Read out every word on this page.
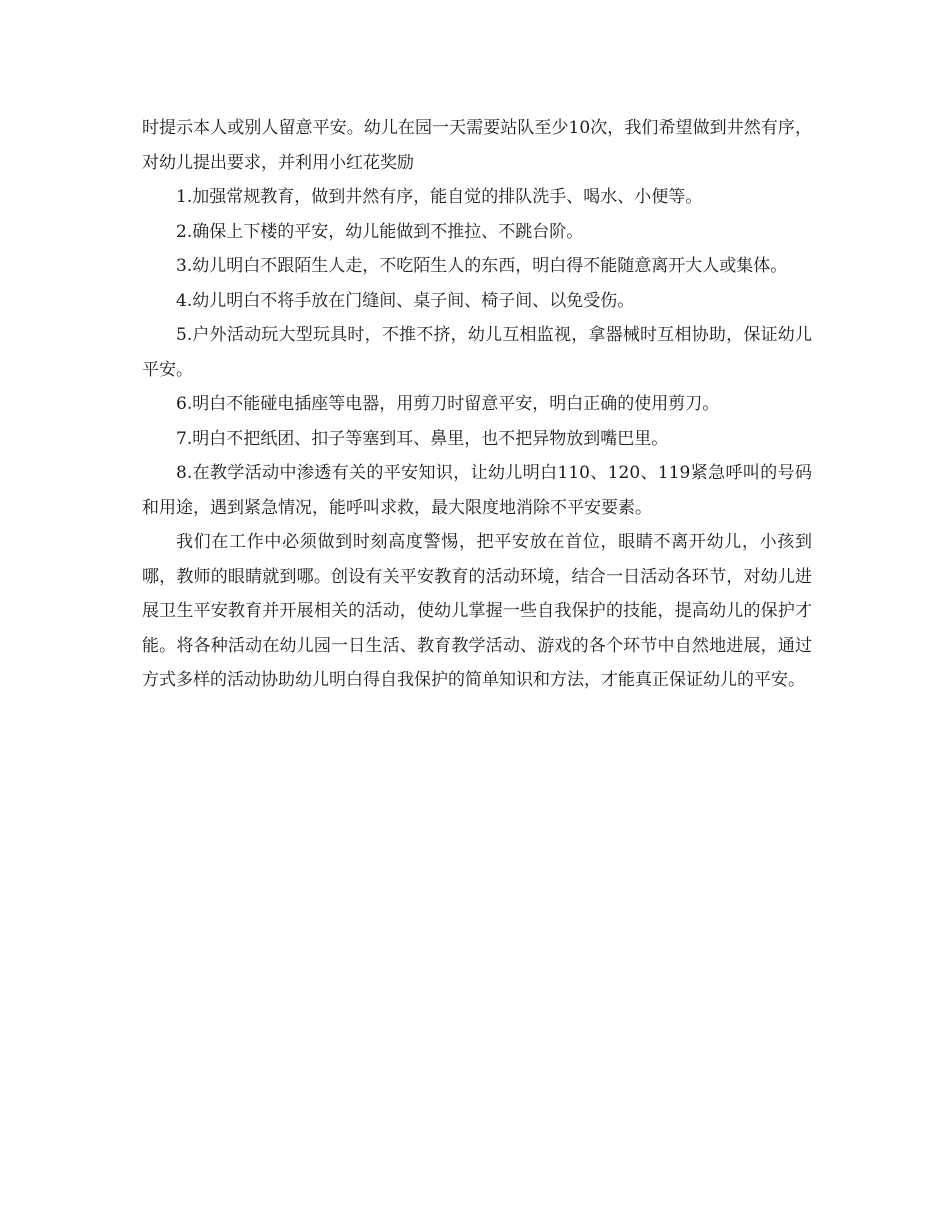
时提示本人或别人留意平安。幼儿在园一天需要站队至少10次，我们希望做到井然有序，对幼儿提出要求，并利用小红花奖励

1.加强常规教育，做到井然有序，能自觉的排队洗手、喝水、小便等。

2.确保上下楼的平安，幼儿能做到不推拉、不跳台阶。

3.幼儿明白不跟陌生人走，不吃陌生人的东西，明白得不能随意离开大人或集体。

4.幼儿明白不将手放在门缝间、桌子间、椅子间、以免受伤。

5.户外活动玩大型玩具时，不推不挤，幼儿互相监视，拿器械时互相协助，保证幼儿平安。

6.明白不能碰电插座等电器，用剪刀时留意平安，明白正确的使用剪刀。

7.明白不把纸团、扣子等塞到耳、鼻里，也不把异物放到嘴巴里。

8.在教学活动中渗透有关的平安知识，让幼儿明白110、120、119紧急呼叫的号码和用途，遇到紧急情况，能呼叫求救，最大限度地消除不平安要素。

我们在工作中必须做到时刻高度警惕，把平安放在首位，眼睛不离开幼儿，小孩到哪，教师的眼睛就到哪。创设有关平安教育的活动环境，结合一日活动各环节，对幼儿进展卫生平安教育并开展相关的活动，使幼儿掌握一些自我保护的技能，提高幼儿的保护才能。将各种活动在幼儿园一日生活、教育教学活动、游戏的各个环节中自然地进展，通过方式多样的活动协助幼儿明白得自我保护的简单知识和方法，才能真正保证幼儿的平安。
